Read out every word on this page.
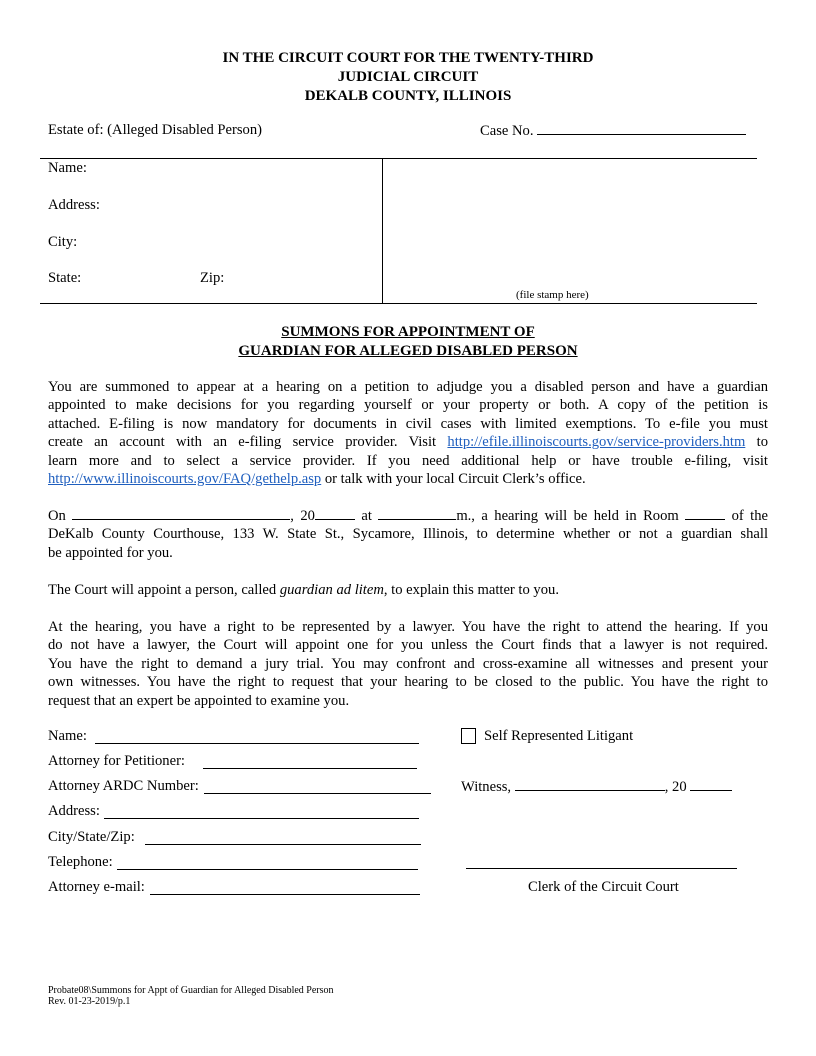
IN THE CIRCUIT COURT FOR THE TWENTY-THIRD
JUDICIAL CIRCUIT
DEKALB COUNTY, ILLINOIS
Estate of: (Alleged Disabled Person)	Case No.
Name:
Address:
City:
State:	Zip:
(file stamp here)
SUMMONS FOR APPOINTMENT OF
GUARDIAN FOR ALLEGED DISABLED PERSON
You are summoned to appear at a hearing on a petition to adjudge you a disabled person and have a guardian
appointed to make decisions for you regarding yourself or your property or both. A copy of the petition is
attached. E-filing is now mandatory for documents in civil cases with limited exemptions. To e-file you must
create an account with an e-filing service provider. Visit http://efile.illinoiscourts.gov/service-providers.htm to
learn more and to select a service provider. If you need additional help or have trouble e-filing, visit
http://www.illinoiscourts.gov/FAQ/gethelp.asp or talk with your local Circuit Clerk’s office.
On	, 20	at	m., a hearing will be held in Room	of the
DeKalb County Courthouse, 133 W. State St., Sycamore, Illinois, to determine whether or not a guardian shall
be appointed for you.
The Court will appoint a person, called guardian ad litem, to explain this matter to you.
At the hearing, you have a right to be represented by a lawyer. You have the right to attend the hearing. If you
do not have a lawyer, the Court will appoint one for you unless the Court finds that a lawyer is not required.
You have the right to demand a jury trial. You may confront and cross-examine all witnesses and present your
own witnesses. You have the right to request that your hearing to be closed to the public. You have the right to
request that an expert be appointed to examine you.
Name:
Attorney for Petitioner:
Attorney ARDC Number:
Address:
City/State/Zip:
Telephone:
Attorney e-mail:
Self Represented Litigant
Witness,	, 20
Clerk of the Circuit Court
Probate08\Summons for Appt of Guardian for Alleged Disabled Person
Rev. 01-23-2019/p.1
